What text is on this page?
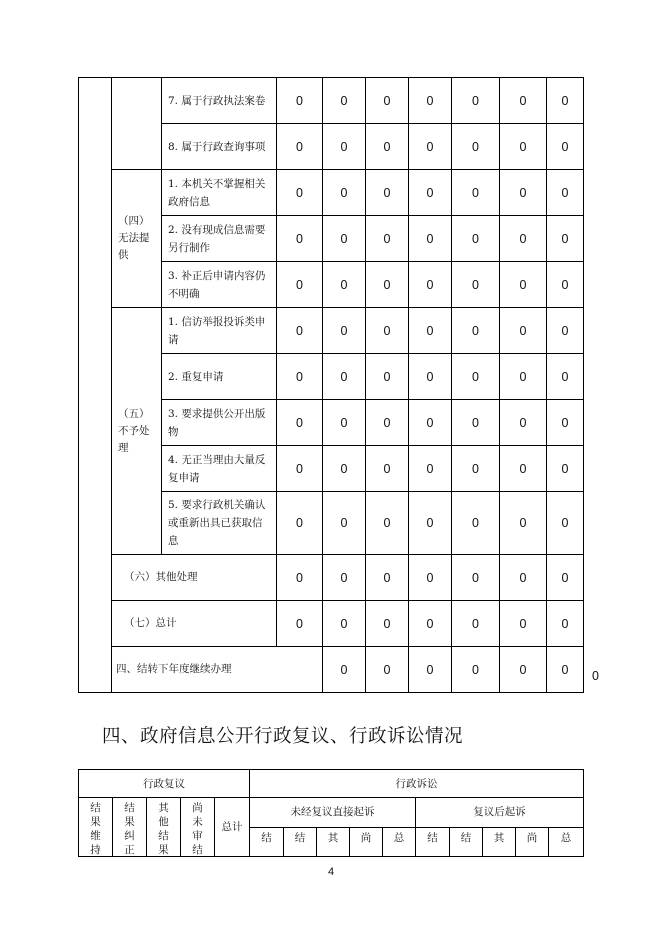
		7. 属于行政执法案卷	0	0	0	0	0	0	0	
		8. 属于行政查询事项	0	0	0	0	0	0	0	
	（四）无法提供	1. 本机关不掌握相关政府信息	0	0	0	0	0	0	0	
		2. 没有现成信息需要另行制作	0	0	0	0	0	0	0	
		3. 补正后申请内容仍不明确	0	0	0	0	0	0	0	
	（五）不予处理	1. 信访举报投诉类申请	0	0	0	0	0	0	0	
		2. 重复申请	0	0	0	0	0	0	0	
		3. 要求提供公开出版物	0	0	0	0	0	0	0	
		4. 无正当理由大量反复申请	0	0	0	0	0	0	0	
		5. 要求行政机关确认或重新出具已获取信息	0	0	0	0	0	0	0	
	（六）其他处理		0	0	0	0	0	0	0	
	（七）总计		0	0	0	0	0	0	0	
	四、结转下年度继续办理			0	0	0	0	0	0	0
四、政府信息公开行政复议、行政诉讼情况
行政复议					行政诉讼									

结果维持	结果纠正	其他结果	尚未审结	总计	未经复议直接起诉					复议后起诉				
					结	结	其	尚	总	结	结	其	尚	总
4
